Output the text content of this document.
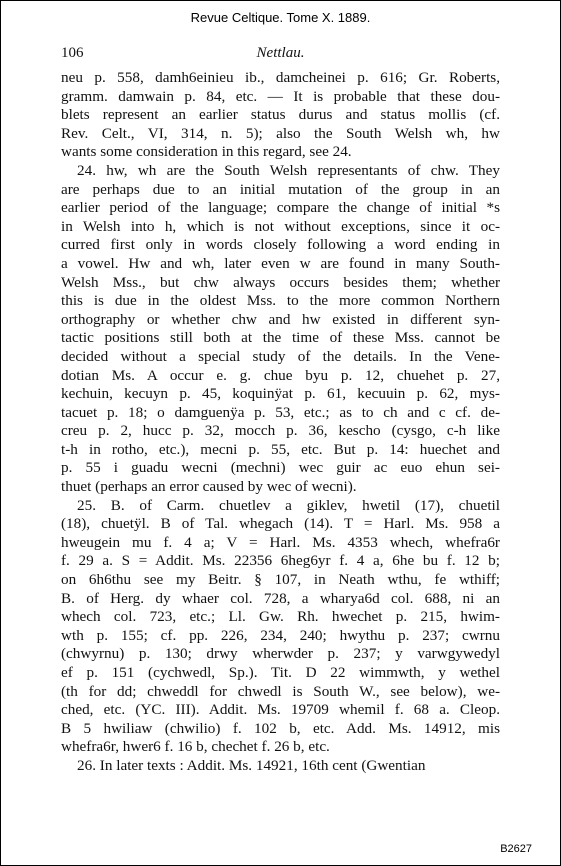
Revue Celtique. Tome X. 1889.
106	Nettlau.
neu p. 558, damh6einieu ib., damcheinei p. 616; Gr. Roberts,
gramm. damwain p. 84, etc. — It is probable that these dou-
blets represent an earlier status durus and status mollis (cf.
Rev. Celt., VI, 314, n. 5); also the South Welsh wh, hw
wants some consideration in this regard, see 24.
24. hw, wh are the South Welsh representants of chw. They
are perhaps due to an initial mutation of the group in an
earlier period of the language; compare the change of initial *s
in Welsh into h, which is not without exceptions, since it oc-
curred first only in words closely following a word ending in
a vowel. Hw and wh, later even w are found in many South-
Welsh Mss., but chw always occurs besides them; whether
this is due in the oldest Mss. to the more common Northern
orthography or whether chw and hw existed in different syn-
tactic positions still both at the time of these Mss. cannot be
decided without a special study of the details. In the Vene-
dotian Ms. A occur e. g. chue byu p. 12, chuehet p. 27,
kechuin, kecuyn p. 45, koquinÿat p. 61, kecuuin p. 62, mys-
tacuet p. 18; o damguenÿa p. 53, etc.; as to ch and c cf. de-
creu p. 2, hucc p. 32, mocch p. 36, kescho (cysgo, c-h like
t-h in rotho, etc.), mecni p. 55, etc. But p. 14: huechet and
p. 55 i guadu wecni (mechni) wec guir ac euo ehun sei-
thuet (perhaps an error caused by wec of wecni).
25. B. of Carm. chuetlev a giklev, hwetil (17), chuetil
(18), chuetÿl. B of Tal. whegach (14). T = Harl. Ms. 958 a
hweugein mu f. 4 a; V = Harl. Ms. 4353 whech, whefra6r
f. 29 a. S = Addit. Ms. 22356 6heg6yr f. 4 a, 6he bu f. 12 b;
on 6h6thu see my Beitr. § 107, in Neath wthu, fe wthiff;
B. of Herg. dy whaer col. 728, a wharya6d col. 688, ni an
whech col. 723, etc.; Ll. Gw. Rh. hwechet p. 215, hwim-
wth p. 155; cf. pp. 226, 234, 240; hwythu p. 237; cwrnu
(chwyrnu) p. 130; drwy wherwder p. 237; y varwgywedyl
ef p. 151 (cychwedl, Sp.). Tit. D 22 wimmwth, y wethel
(th for dd; chweddl for chwedl is South W., see below), we-
ched, etc. (YC. III). Addit. Ms. 19709 whemil f. 68 a. Cleop.
B 5 hwiliaw (chwilio) f. 102 b, etc. Add. Ms. 14912, mis
whefra6r, hwer6 f. 16 b, chechet f. 26 b, etc.
26. In later texts : Addit. Ms. 14921, 16th cent (Gwentian
B2627
